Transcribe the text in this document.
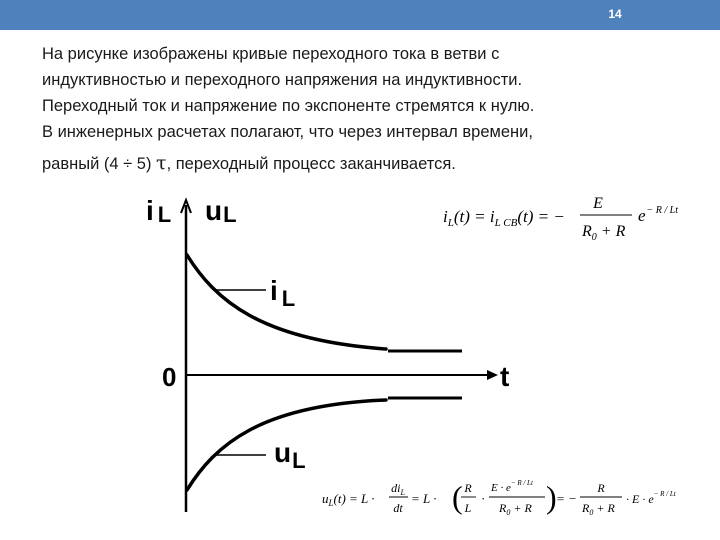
14

На рисунке изображены кривые переходного тока в ветви с
индуктивностью и переходного напряжения на индуктивности.
Переходный ток и напряжение по экспоненте стремятся к нулю.
В инженерных расчетах полагают, что через интервал времени,
равный (4 ÷ 5) τ, переходный процесс заканчивается.

i L uL
0	t
i $_L$
$u_L$
$i_L(t) = i_{L CB}(t)$ = −
E
$R_0 + R$
$e^{- R / Lt}$
$u_L(t) = L$ ·
$di_L$
dt
= L · ( R
L
·
$E \cdot e^{- R / Lt}$
$R_0 + R$ ) = −
R
$R_0 + R$
· $E \cdot e^{- R / Lt}$
